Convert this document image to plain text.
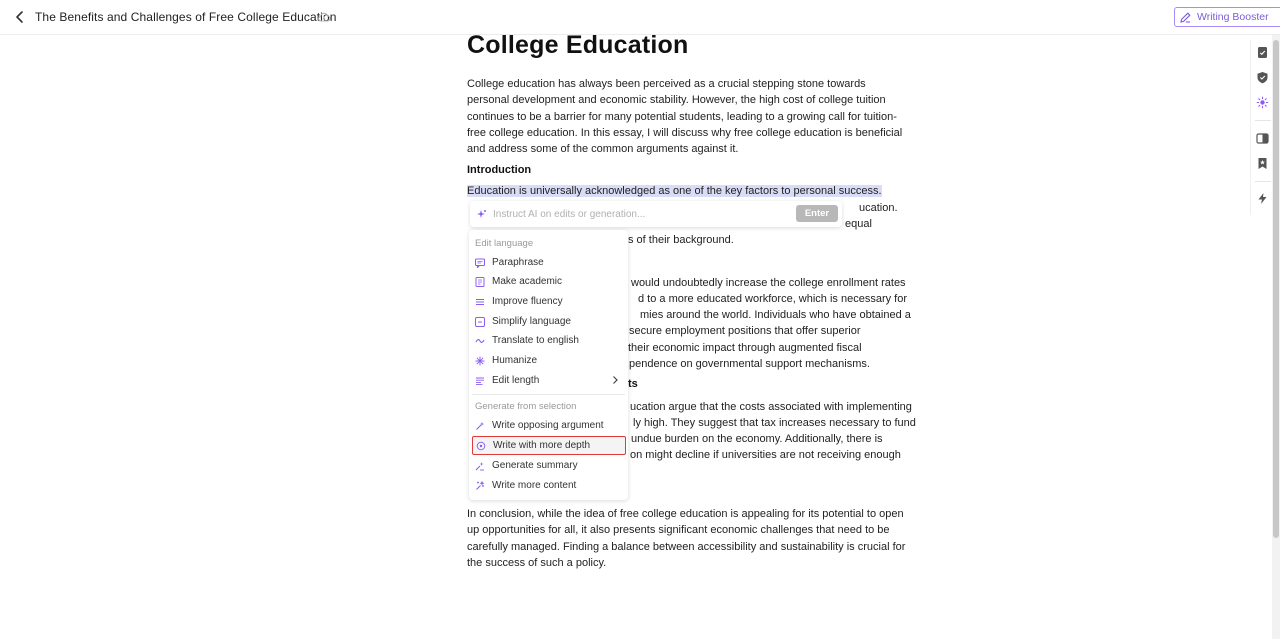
The Benefits and Challenges of Free College Education	Writing Booster
College Education
College education has always been perceived as a crucial stepping stone towards personal development and economic stability. However, the high cost of college tuition continues to be a barrier for many potential students, leading to a growing call for tuition-free college education. In this essay, I will discuss why free college education is beneficial and address some of the common arguments against it.
Introduction
Education is universally acknowledged as one of the key factors to personal success.
ucation.
equal
s of their background.
would undoubtedly increase the college enrollment rates
d to a more educated workforce, which is necessary for
mies around the world. Individuals who have obtained a
secure employment positions that offer superior
their economic impact through augmented fiscal
pendence on governmental support mechanisms.
ts
ucation argue that the costs associated with implementing
ly high. They suggest that tax increases necessary to fund
undue burden on the economy. Additionally, there is
on might decline if universities are not receiving enough
In conclusion, while the idea of free college education is appealing for its potential to open up opportunities for all, it also presents significant economic challenges that need to be carefully managed. Finding a balance between accessibility and sustainability is crucial for the success of such a policy.
Instruct AI on edits or generation...
Enter
Edit language
Paraphrase
Make academic
Improve fluency
Simplify language
Translate to english
Humanize
Edit length
Generate from selection
Write opposing argument
Write with more depth
Generate summary
Write more content
